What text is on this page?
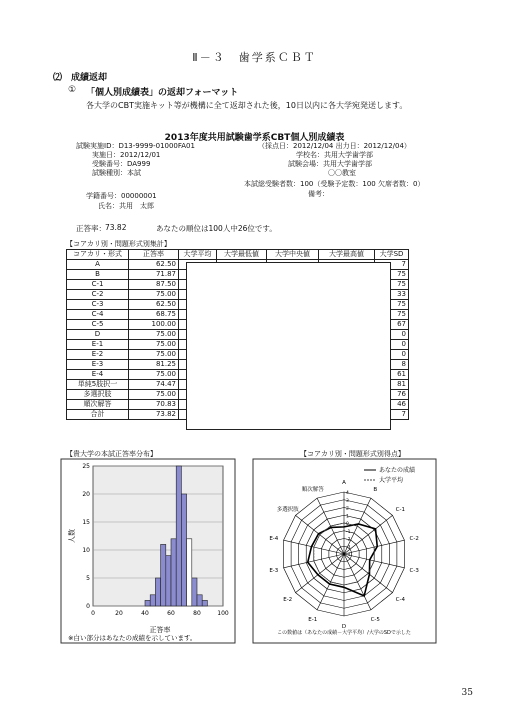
Ⅱ－３　歯学系ＣＢＴ
⑵　成績返却
① 「個人別成績表」の返却フォーマット
各大学のCBT実施キット等が機構に全て返却された後，10日以内に各大学宛発送します。
2013年度共用試験歯学系CBT個人別成績表
試験実施ID：D13-9999-01000FA01
実施日：2012/12/01
受験番号：DA999
試験種別：本試
（採点日：2012/12/04 出力日：2012/12/04）
学校名：共用大学歯学部
試験会場：共用大学歯学部
〇〇教室
本試総受験者数：100（受験予定数：100 欠席者数：0）
備考：
学籍番号：00000001
氏名：共用　太郎
正答率： 73.82	あなたの順位は100人中26位です。
【コアカリ別・問題形式別集計】
コアカリ・形式	正答率	大学平均	大学最低値	大学中央値	大学最高値	大学SD
A	62.50					7
B	71.87					75
C-1	87.50					75
C-2	75.00					33
C-3	62.50					75
C-4	68.75					75
C-5	100.00					67
D	75.00					0
E-1	75.00					0
E-2	75.00					0
E-3	81.25					8
E-4	75.00					61
単純5肢択一	74.47					81
多選択肢	75.00					76
順次解答	70.83					46
合計	73.82					7
【貴大学の本試正答率分布】
0
5
10
15
20
25
0	20	40	60	80	100
正答率
人数
※白い部分はあなたの成績を示しています。
【コアカリ別・問題形式別得点】
A
B
C-1
C-2
C-3
C-4
C-5
D
E-1
E-2
E-3
E-4
多選択肢
順次解答
-4
-3
-2
-1
0
1
2
3
4
あなたの成績
大学平均
この数値は（あなたの成績－大学平均）/大学のSDで示した
35
